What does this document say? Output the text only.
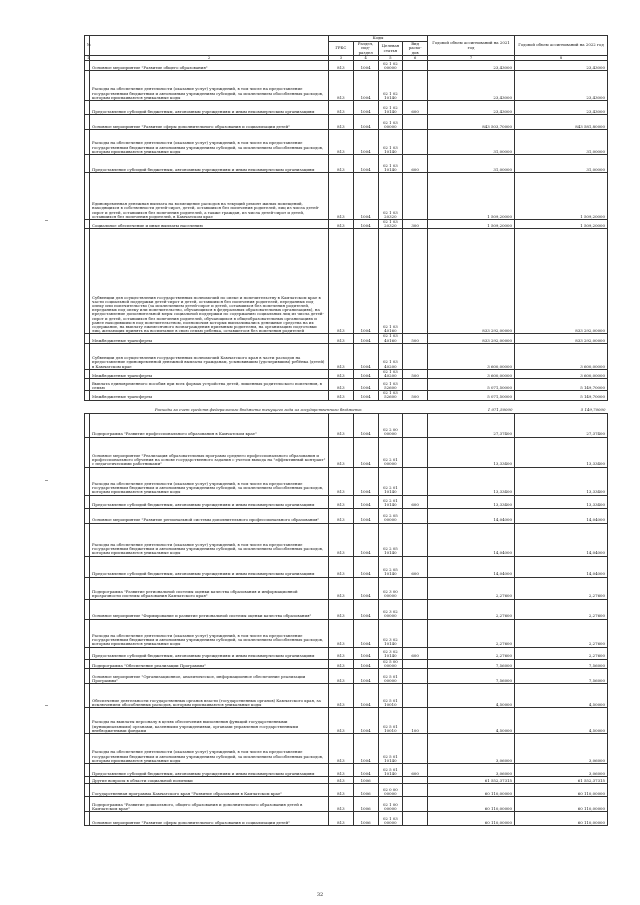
№		Коды				Годовой объем ассигнований на 2021 год	Годовой объем ассигнований на 2022 год
		ГРБС	Раздел, под-раздел	Целевая статья	Вид расхо-дов		
1	2	3	4	5	6	7	8
	Основное мероприятие "Развитие общего образования"	813	1004	02 1 02 00000		23,43000	23,43000
	Расходы на обеспечение деятельности (оказание услуг) учреждений, в том числе на предоставление государственным бюджетным и автономным учреждениям субсидий, за исключением обособленных расходов, которым присваиваются уникальные коды	813	1004	02 1 02 10140		23,43000	23,43000
	Предоставление субсидий бюджетным, автономным учреждениям и иным некоммерческим организациям	813	1004	02 1 02 10140	600	23,43000	23,43000
	Основное мероприятие "Развитие сферы дополнительного образования и социализации детей"	813	1004	02 1 03 00000		843 503,70000	843 581,80000
	Расходы на обеспечение деятельности (оказание услуг) учреждений, в том числе на предоставление государственным бюджетным и автономным учреждениям субсидий, за исключением обособленных расходов, которым присваиваются уникальные коды	813	1004	02 1 03 10140		31,00000	31,00000
	Предоставление субсидий бюджетным, автономным учреждениям и иным некоммерческим организациям	813	1004	02 1 03 10140	600	31,00000	31,00000
	Единовременная денежная выплата на возмещение расходов на текущий ремонт жилых помещений, находящихся в собственности детей-сирот, детей, оставшихся без попечения родителей, лиц из числа детей-сирот и детей, оставшихся без попечения родителей, а также граждан, из числа детей-сирот и детей, оставшихся без попечения родителей, в Камчатском крае	813	1004	02 1 03 20320		1 509,20000	1 509,20000
	Социальное обеспечение и иные выплаты населению	813	1004	02 1 03 20320	300	1 509,20000	1 509,20000
	Субвенции для осуществления государственных полномочий по опеке и попечительству в Камчатском крае в части социальной поддержки детей-сирот и детей, оставшихся без попечения родителей, переданных под опеку или попечительство (за исключением детей-сирот и детей, оставшихся без попечения родителей, переданных под опеку или попечительство, обучающихся в федеральных образовательных организациях), на предоставление дополнительной меры социальной поддержки по содержанию социальных лиц из числа детей-сирот и детей, оставшихся без попечения родителей, обучающихся в общеобразовательных организациях и ранее находившихся под попечительством, полномочия которых выплачивались денежные средства на их содержание, на выплату ежемесячного вознаграждения приемным родителям, на организацию подготовки лиц, желающих принять на воспитание в свою семью ребенка, оставшегося без попечения родителей	813	1004	02 1 03 40160		833 292,00000	833 292,00000
	Межбюджетные трансферты	813	1004	02 1 03 40160	500	833 292,00000	833 292,00000
	Субвенции для осуществления государственных полномочий Камчатского края в части расходов на предоставление единовременной денежной выплаты гражданам, усыновившим (удочерившим) ребёнка (детей) в Камчатском крае	813	1004	02 1 03 40200		3 600,00000	3 600,00000
	Межбюджетные трансферты	813	1004	02 1 03 40200	500	3 600,00000	3 600,00000
	Выплата единовременного пособия при всех формах устройства детей, лишенных родительского попечения, в семью	813	1004	02 1 03 52600		5 071,50000	5 149,70000
	Межбюджетные трансферты	813	1004	02 1 03 52600	500	5 071,50000	5 149,70000
	Расходы за счет средств федерального бюджета текущего года из государственного бюджета:					1 071,50000	5 149,70000
	Подпрограмма "Развитие профессионального образования в Камчатском крае"	813	1004	02 2 00 00000		27,37400	27,37400
	Основное мероприятие "Реализация образовательных программ среднего профессионального образования и профессионального обучения на основе государственного задания с учетом выхода на "эффективный контракт" с педагогическими работниками"	813	1004	02 2 01 00000		13,33400	13,33400
	Расходы на обеспечение деятельности (оказание услуг) учреждений, в том числе на предоставление государственным бюджетным и автономным учреждениям субсидий, за исключением обособленных расходов, которым присваиваются уникальные коды	813	1004	02 2 01 10140		13,33400	13,33400
	Предоставление субсидий бюджетным, автономным учреждениям и иным некоммерческим организациям	813	1004	02 2 01 10140	600	13,33400	13,33400
	Основное мероприятие "Развитие региональной системы дополнительного профессионального образования"	813	1004	02 2 05 00000		14,04000	14,04000
	Расходы на обеспечение деятельности (оказание услуг) учреждений, в том числе на предоставление государственным бюджетным и автономным учреждениям субсидий, за исключением обособленных расходов, которым присваиваются уникальные коды	813	1004	02 2 05 10140		14,04000	14,04000
	Предоставление субсидий бюджетным, автономным учреждениям и иным некоммерческим организациям	813	1004	02 2 05 10140	600	14,04000	14,04000
	Подпрограмма "Развитие региональной системы оценки качества образования и информационной прозрачности системы образования Камчатского края"	813	1004	02 3 00 00000		2,27600	2,27600
	Основное мероприятие "Формирование и развитие региональной системы оценки качества образования"	813	1004	02 3 02 00000		2,27600	2,27600
	Расходы на обеспечение деятельности (оказание услуг) учреждений, в том числе на предоставление государственным бюджетным и автономным учреждениям субсидий, за исключением обособленных расходов, которым присваиваются уникальные коды	813	1004	02 3 02 10140		2,27600	2,27600
	Предоставление субсидий бюджетным, автономным учреждениям и иным некоммерческим организациям	813	1004	02 3 02 10140	600	2,27600	2,27600
	Подпрограмма "Обеспечение реализации Программы"	813	1004	02 5 00 00000		7,56000	7,56000
	Основное мероприятие "Организационное, аналитическое, информационное обеспечение реализации Программы"	813	1004	02 5 01 00000		7,56000	7,56000
	Обеспечение деятельности государственных органов власти (государственных органов) Камчатского края, за исключением обособленных расходов, которым присваиваются уникальные коды	813	1004	02 5 01 10010		4,50000	4,50000
	Расходы на выплаты персоналу в целях обеспечения выполнения функций государственными (муниципальными) органами, казенными учреждениями, органами управления государственными внебюджетными фондами	813	1004	02 5 01 10010	100	4,50000	4,50000
	Расходы на обеспечение деятельности (оказание услуг) учреждений, в том числе на предоставление государственным бюджетным и автономным учреждениям субсидий, за исключением обособленных расходов, которым присваиваются уникальные коды	813	1004	02 5 01 10140		3,06000	3,06000
	Предоставление субсидий бюджетным, автономным учреждениям и иным некоммерческим организациям	813	1004	02 5 01 10140	600	3,06000	3,06000
	Другие вопросы в области социальной политики	813	1006			61 552,37315	61 552,37315
	Государственная программа Камчатского края "Развитие образования в Камчатском крае"	813	1006	02 0 00 00000		60 110,00000	60 110,00000
	Подпрограмма "Развитие дошкольного, общего образования и дополнительного образования детей в Камчатском крае"	813	1006	02 1 00 00000		60 110,00000	60 110,00000
	Основное мероприятие "Развитие сферы дополнительного образования и социализации детей"	813	1006	02 1 03 00000		60 110,00000	60 110,00000
32
